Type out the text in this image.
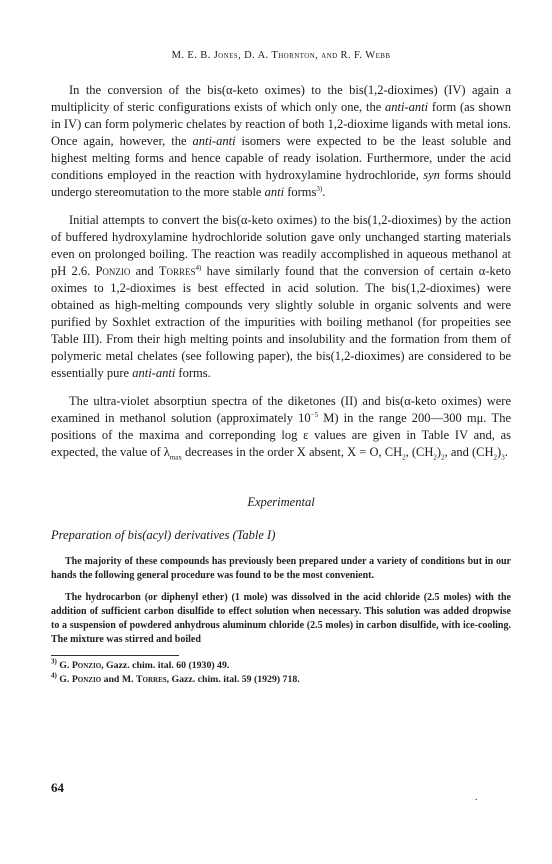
M. E. B. Jones, D. A. Thornton, and R. F. Webb

In the conversion of the bis(α-keto oximes) to the bis(1,2-dioximes) (IV) again a multiplicity of steric configurations exists of which only one, the anti-anti form (as shown in IV) can form polymeric chelates by reaction of both 1,2-dioxime ligands with metal ions. Once again, however, the anti-anti isomers were expected to be the least soluble and highest melting forms and hence capable of ready isolation. Furthermore, under the acid conditions employed in the reaction with hydroxylamine hydrochloride, syn forms should undergo stereomutation to the more stable anti forms$^{3)}$.

Initial attempts to convert the bis(α-keto oximes) to the bis(1,2-dioximes) by the action of buffered hydroxylamine hydrochloride solution gave only unchanged starting materials even on prolonged boiling. The reaction was readily accomplished in aqueous methanol at pH 2.6. Ponzio and Torres$^{4)}$ have similarly found that the conversion of certain α-keto oximes to 1,2-dioximes is best effected in acid solution. The bis(1,2-dioximes) were obtained as high-melting compounds very slightly soluble in organic solvents and were purified by Soxhlet extraction of the impurities with boiling methanol (for propeities see Table III). From their high melting points and insolubility and the formation from them of polymeric metal chelates (see following paper), the bis(1,2-dioximes) are considered to be essentially pure anti-anti forms.

The ultra-violet absorptiun spectra of the diketones (II) and bis(α-keto oximes) were examined in methanol solution (approximately $10^{-5}$ M) in the range 200—300 mμ. The positions of the maxima and correponding log ε values are given in Table IV and, as expected, the value of $\lambda_{max}$ decreases in the order X absent, X = O, $CH_2$, $(CH_2)_2$, and $(CH_2)_3$.

Experimental
Preparation of bis(acyl) derivatives (Table I)

The majority of these compounds has previously been prepared under a variety of conditions but in our hands the following general procedure was found to be the most convenient.

The hydrocarbon (or diphenyl ether) (1 mole) was dissolved in the acid chloride (2.5 moles) with the addition of sufficient carbon disulfide to effect solution when necessary. This solution was added dropwise to a suspension of powdered anhydrous aluminum chloride (2.5 moles) in carbon disulfide, with ice-cooling. The mixture was stirred and boiled

$^{3)}$ G. Ponzio, Gazz. chim. ital. 60 (1930) 49.
$^{4)}$ G. Ponzio and M. Torres, Gazz. chim. ital. 59 (1929) 718.
64
.
